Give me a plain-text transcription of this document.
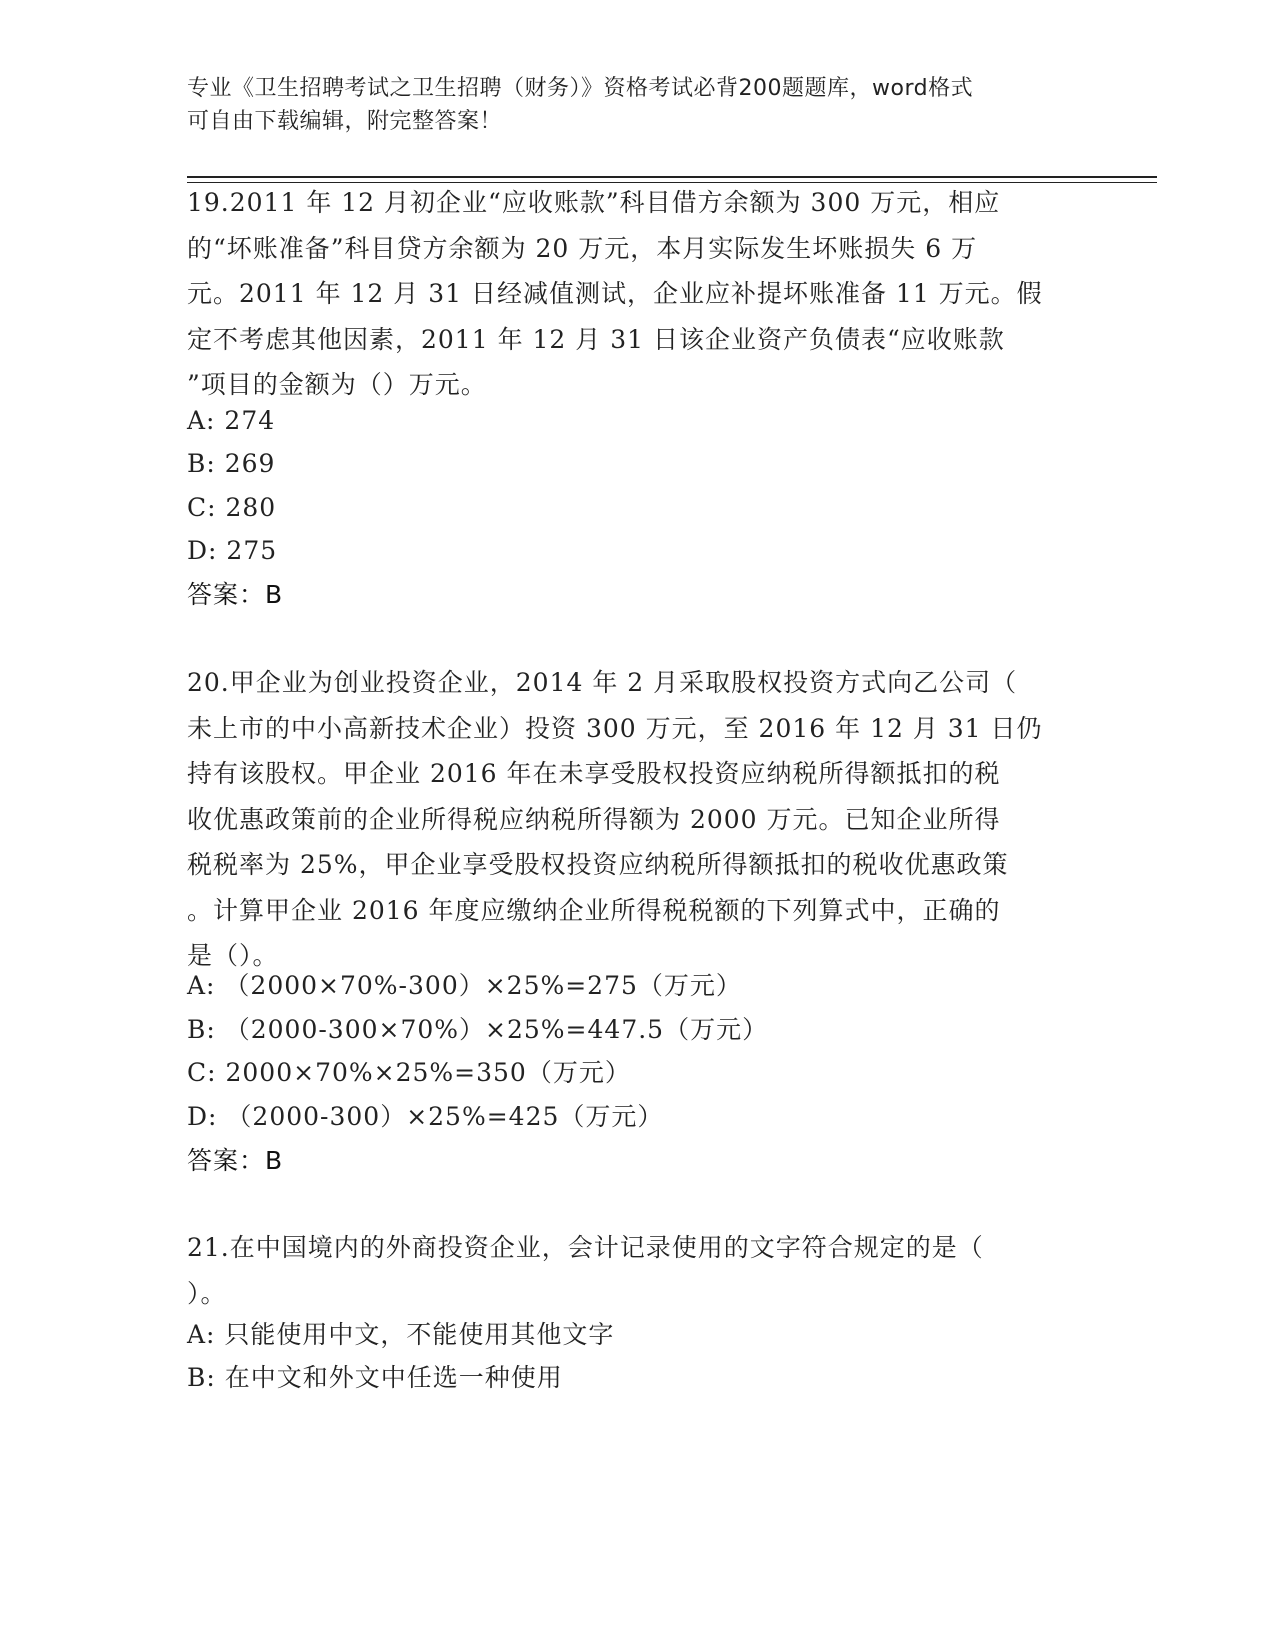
专业《卫生招聘考试之卫生招聘（财务）》资格考试必背200题题库，word格式
可自由下载编辑，附完整答案！
19.2011 年 12 月初企业“应收账款”科目借方余额为 300 万元，相应
的“坏账准备”科目贷方余额为 20 万元，本月实际发生坏账损失 6 万
元。2011 年 12 月 31 日经减值测试，企业应补提坏账准备 11 万元。假
定不考虑其他因素，2011 年 12 月 31 日该企业资产负债表“应收账款
”项目的金额为（）万元。
A: 274
B: 269
C: 280
D: 275
答案：B
20.甲企业为创业投资企业，2014 年 2 月采取股权投资方式向乙公司（
未上市的中小高新技术企业）投资 300 万元，至 2016 年 12 月 31 日仍
持有该股权。甲企业 2016 年在未享受股权投资应纳税所得额抵扣的税
收优惠政策前的企业所得税应纳税所得额为 2000 万元。已知企业所得
税税率为 25%，甲企业享受股权投资应纳税所得额抵扣的税收优惠政策
。计算甲企业 2016 年度应缴纳企业所得税税额的下列算式中，正确的
是（）。
A: （2000×70%-300）×25%=275（万元）
B: （2000-300×70%）×25%=447.5（万元）
C: 2000×70%×25%=350（万元）
D: （2000-300）×25%=425（万元）
答案：B
21.在中国境内的外商投资企业，会计记录使用的文字符合规定的是（
）。
A: 只能使用中文，不能使用其他文字
B: 在中文和外文中任选一种使用
